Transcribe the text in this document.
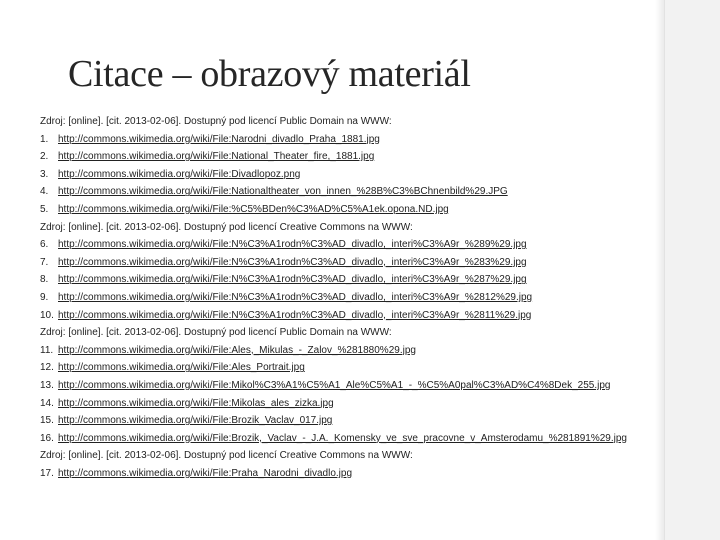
Citace – obrazový materiál
Zdroj: [online]. [cit. 2013-02-06]. Dostupný pod licencí Public Domain na WWW:
1. http://commons.wikimedia.org/wiki/File:Narodni_divadlo_Praha_1881.jpg
2. http://commons.wikimedia.org/wiki/File:National_Theater_fire,_1881.jpg
3. http://commons.wikimedia.org/wiki/File:Divadlopoz.png
4. http://commons.wikimedia.org/wiki/File:Nationaltheater_von_innen_%28B%C3%BChnenbild%29.JPG
5. http://commons.wikimedia.org/wiki/File:%C5%BDen%C3%AD%C5%A1ek.opona.ND.jpg
Zdroj: [online]. [cit. 2013-02-06]. Dostupný pod licencí Creative Commons na WWW:
6. http://commons.wikimedia.org/wiki/File:N%C3%A1rodn%C3%AD_divadlo,_interi%C3%A9r_%289%29.jpg
7. http://commons.wikimedia.org/wiki/File:N%C3%A1rodn%C3%AD_divadlo,_interi%C3%A9r_%283%29.jpg
8. http://commons.wikimedia.org/wiki/File:N%C3%A1rodn%C3%AD_divadlo,_interi%C3%A9r_%287%29.jpg
9. http://commons.wikimedia.org/wiki/File:N%C3%A1rodn%C3%AD_divadlo,_interi%C3%A9r_%2812%29.jpg
10. http://commons.wikimedia.org/wiki/File:N%C3%A1rodn%C3%AD_divadlo,_interi%C3%A9r_%2811%29.jpg
Zdroj: [online]. [cit. 2013-02-06]. Dostupný pod licencí Public Domain na WWW:
11. http://commons.wikimedia.org/wiki/File:Ales,_Mikulas_-_Zalov_%281880%29.jpg
12. http://commons.wikimedia.org/wiki/File:Ales_Portrait.jpg
13. http://commons.wikimedia.org/wiki/File:Mikol%C3%A1%C5%A1_Ale%C5%A1_-_%C5%A0pal%C3%AD%C4%8Dek_255.jpg
14. http://commons.wikimedia.org/wiki/File:Mikolas_ales_zizka.jpg
15. http://commons.wikimedia.org/wiki/File:Brozik_Vaclav_017.jpg
16. http://commons.wikimedia.org/wiki/File:Brozik,_Vaclav_-_J.A._Komensky_ve_sve_pracovne_v_Amsterodamu_%281891%29.jpg
Zdroj: [online]. [cit. 2013-02-06]. Dostupný pod licencí Creative Commons na WWW:
17. http://commons.wikimedia.org/wiki/File:Praha_Narodni_divadlo.jpg
